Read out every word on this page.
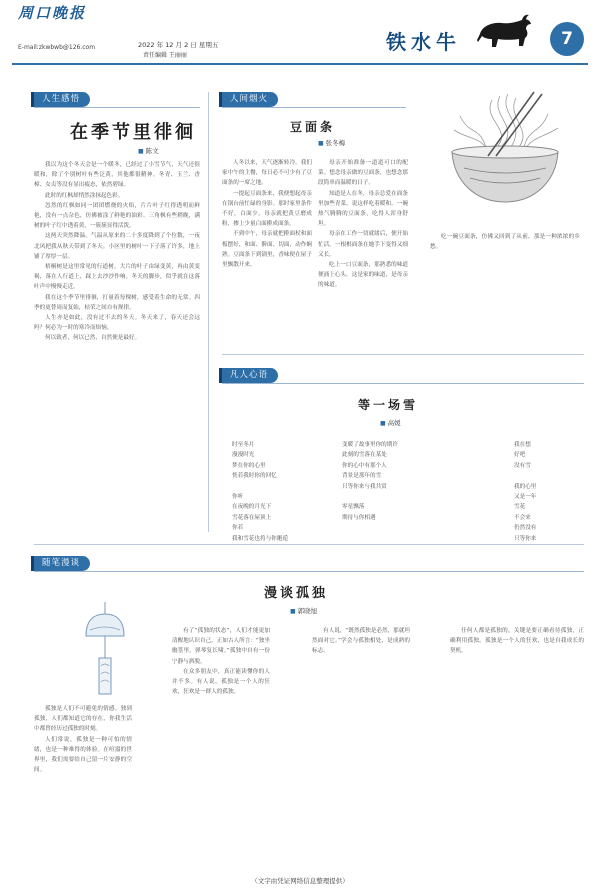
周口晚报
E-mail:zkwbwb@126.com	2022 年 12 月 2 日 星期五
责任编辑 王丽丽
铁水牛	7
人生感悟
在季节里徘徊
■ 陈文

我以为这个冬天会是一个暖冬，已经过了小雪节气，天气还很暖和，除了个别树叶有些泛黄，其他都很精神。冬青、玉兰、香樟、女贞等没有显出疲态，依然碧绿。

此时的红枫却悄然涂抹起色彩。

忽然的红枫如同一团团燃烧的火焰，片片叶子红得透明而鲜艳，没有一点杂色，仿佛被涂了鲜艳的油彩。三角枫有些稍晚，满树的叶子红中透着黄，一簇簇显得活泼。

这两天突然降温，气温从原来的二十多度降到了个位数，一夜北风把我从秋天带到了冬天。小区里的树叶一下子落了许多，地上铺了厚厚一层。

梧桐树是这里常见的行道树，大片的叶子由绿变黄，再由黄变褐，落在人行道上，踩上去沙沙作响。冬天的脚步，似乎就在这落叶声中慢慢走近。

我在这个季节里徘徊，打量着每棵树，感受着生命的无常。四季的更替周而复始，枯荣之间自有规律。

人生亦是如此，没有过不去的冬天。冬天来了，春天还会远吗？何必为一时的寒冷而烦恼。

何以致者，何以已然，自然便是最好。

人间烟火
豆面条
■ 张冬梅

人冬以来，天气逐渐转冷。我们家中午的主餐，每日必不可少有了豆面条的一席之地。

一提起豆面条来，我便想起母亲在锅台前忙碌的身影。那时家里条件不好，白面少，母亲就把黄豆磨成粉，掺上少量白面擀成面条。

不到中午，母亲就把擀面杖和面板摆好，和面、擀面、切面，动作娴熟。豆面条下到锅里，香味便在屋子里飘散开来。

母亲开始准备一道道可口的配菜。想念母亲做的豆面条，也想念那段简单而温暖的日子。

知道是人在冬，母亲总爱在面条里加些青菜，说这样吃着暖和。一碗热气腾腾的豆面条，吃得人浑身舒坦。

母亲在工作一切就绪后，便开始忙活。一根根面条在她手下变得又细又长。

吃上一口豆面条，那熟悉的味道便涌上心头。这是家的味道，是母亲的味道。

吃一碗豆面条，仿佛又回到了从前，那是一种浓浓的乡愁。

凡人心语
等一场雪
■ 高媛
时至冬月
漫漫时光
梦在你的心里
恍若我时你的回忆

你听
在夜晚的月光下
雪花落在屋顶上
你若
我和雪花也将与你邂逅
变暖了故事里你的期许
此刻的雪落在某处
你的心中有那个人
背景是那年的雪
只等你来与我共赏

零星飘落
期待与你相遇
我在想
好吧
没有雪

我的心里
又是一年
雪花
不会来
仍然没有
只等你来
随笔漫谈
漫谈孤独
■ 郭晓旭

孤独是人们不可避免的情感。独到孤独，人们都知道它的存在，你我生活中都曾经历过孤独的时刻。

人们常说，孤独是一种可怕的情绪，也是一种难得的体验。在喧嚣的世界里，我们需要给自己留一片安静的空间。

有了“孤独的状态”，人们才能更加清醒地认识自己。正如古人所言：“独坐幽篁里，弹琴复长啸。”孤独中自有一份宁静与洒脱。

在众多朋友中，真正能读懂你的人并不多。有人说，孤独是一个人的狂欢，狂欢是一群人的孤独。

有人说，“既然孤独是必然，那就坦然面对它。”学会与孤独相处，是成熟的标志。

任何人都是孤独的，关键是要正确看待孤独，正确利用孤独。孤独是一个人的狂欢，也是自我成长的契机。

（文字由凭证网络信息整理提供）
